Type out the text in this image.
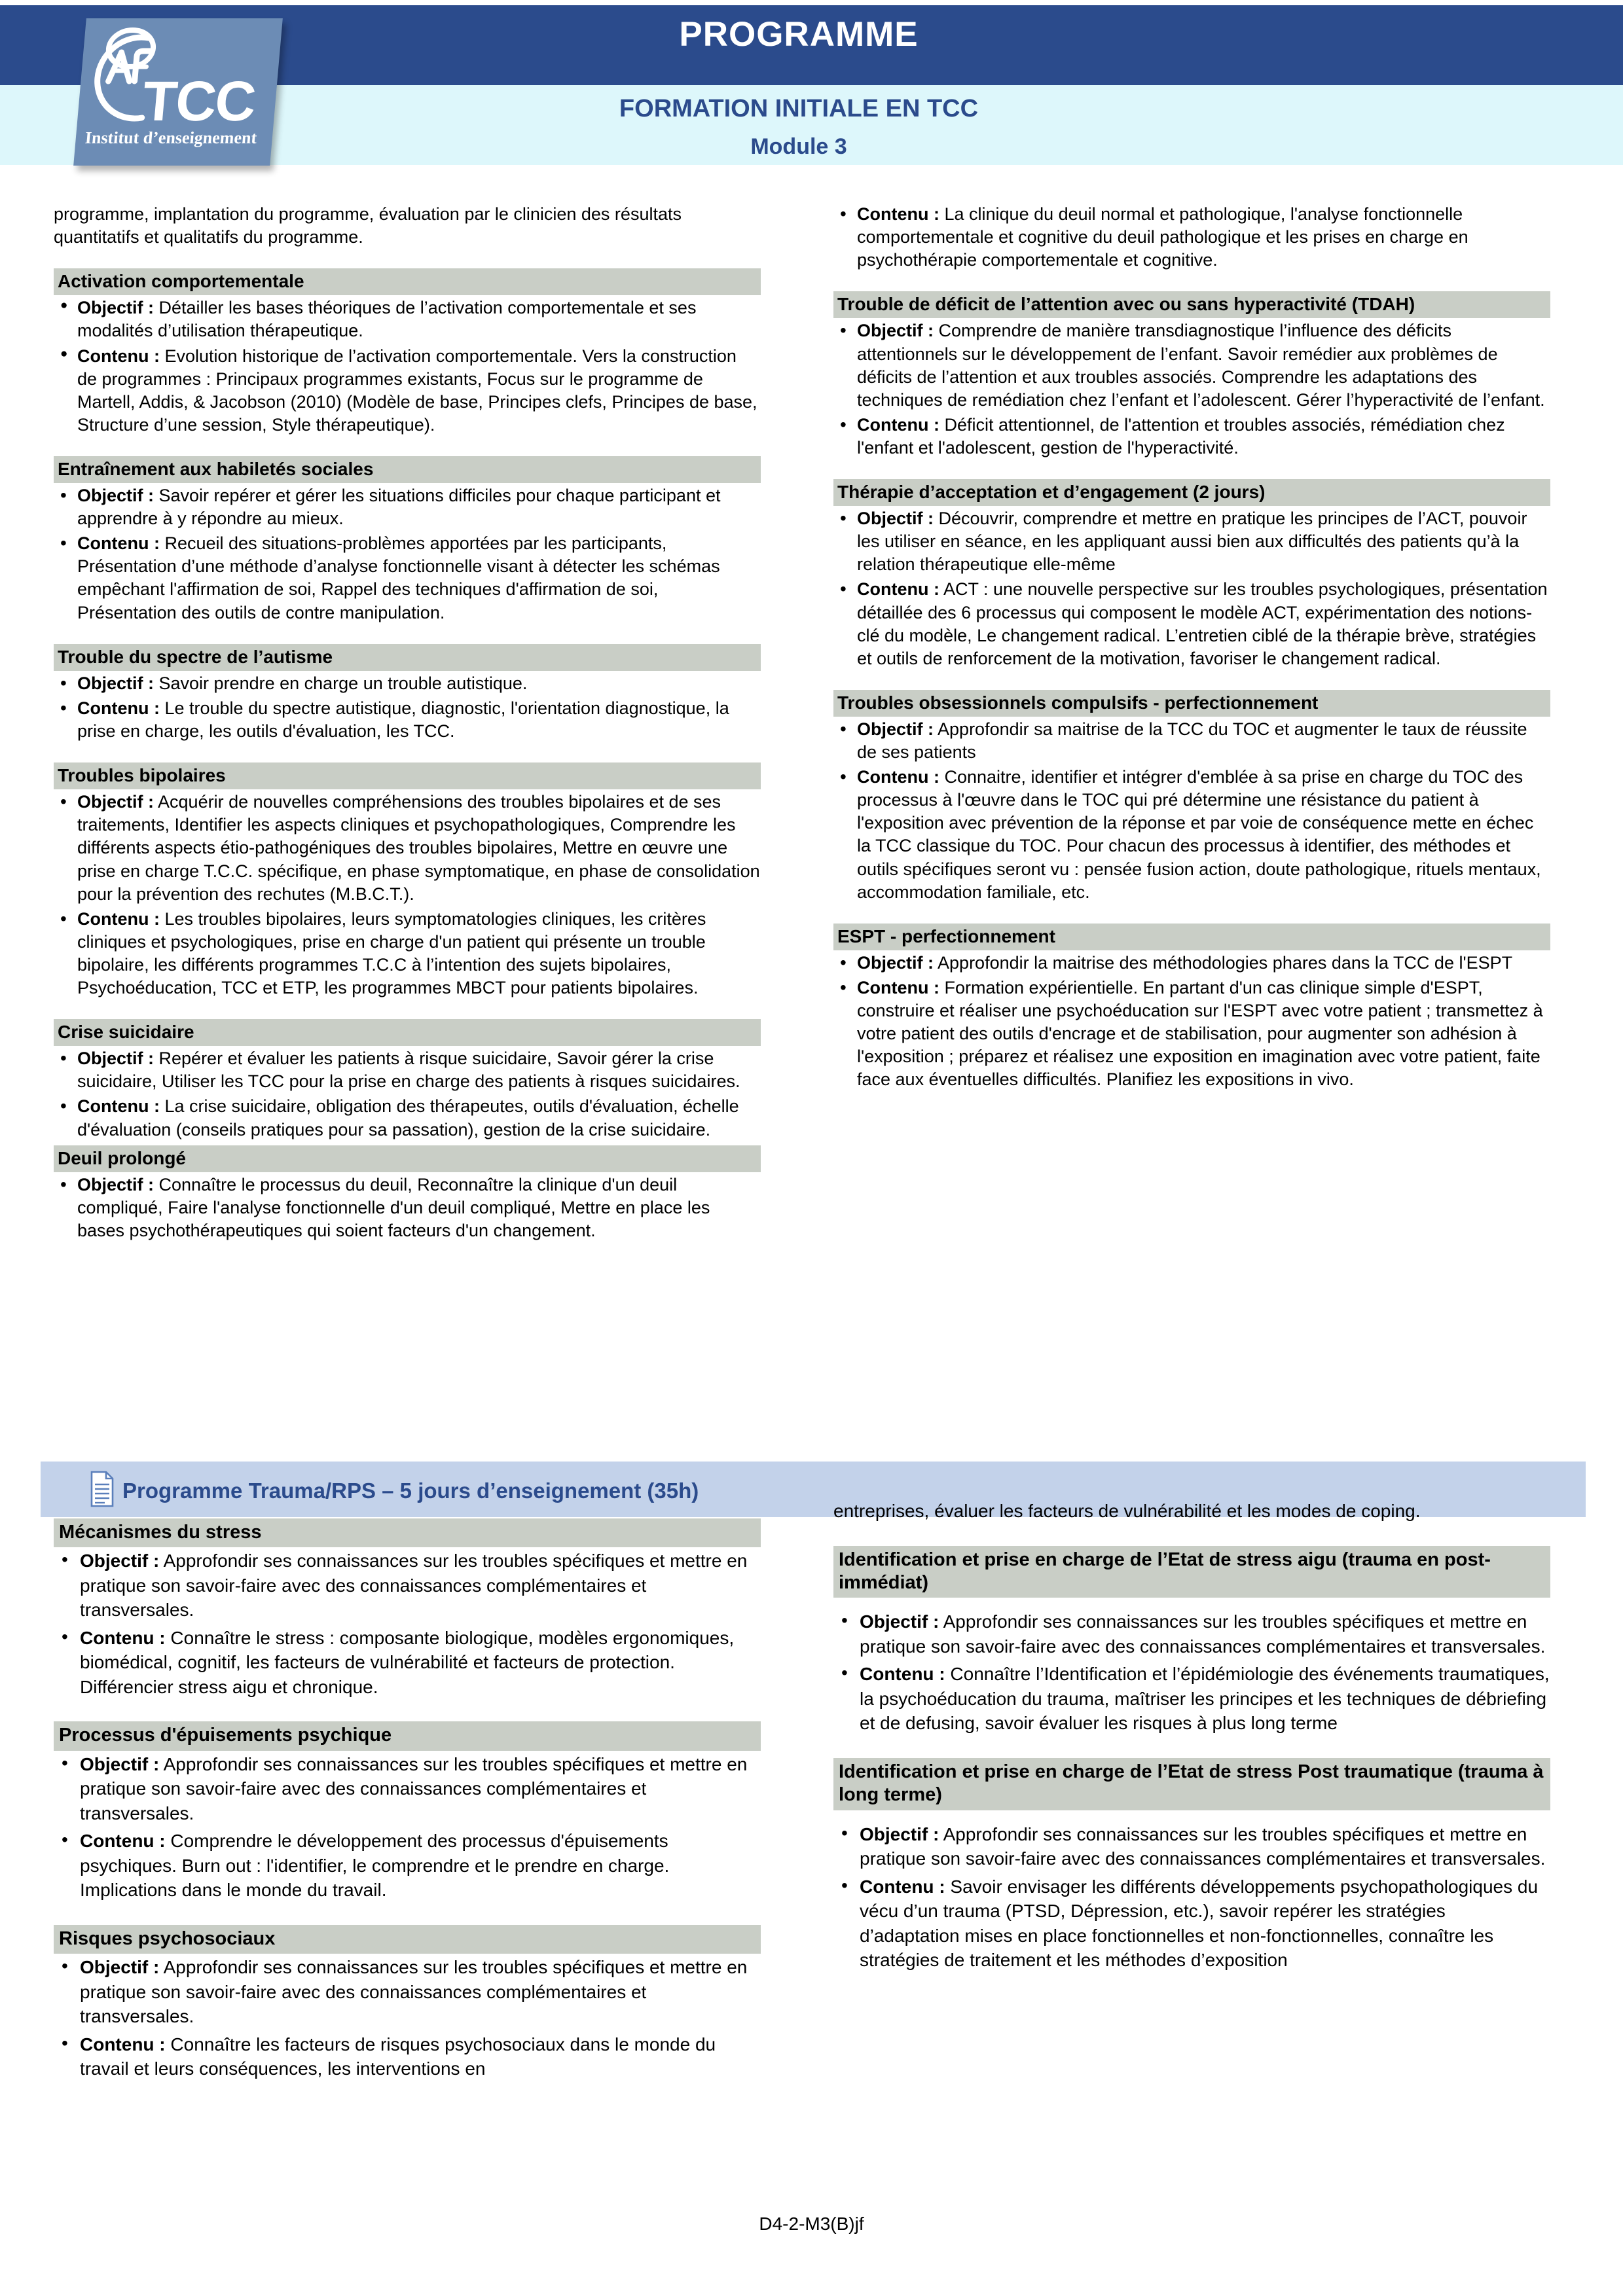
PROGRAMME
FORMATION INITIALE EN TCC
Module 3
TCC
Institut d’enseignement
programme, implantation du programme, évaluation par le clinicien des résultats quantitatifs et qualitatifs du programme.
Activation comportementale
● Objectif : Détailler les bases théoriques de l’activation comportementale et ses modalités d’utilisation thérapeutique.
● Contenu : Evolution historique de l’activation comportementale. Vers la construction de programmes : Principaux programmes existants, Focus sur le programme de Martell, Addis, & Jacobson (2010) (Modèle de base, Principes clefs, Principes de base, Structure d’une session, Style thérapeutique).
Entraînement aux habiletés sociales
• Objectif : Savoir repérer et gérer les situations difficiles pour chaque participant et apprendre à y répondre au mieux.
• Contenu : Recueil des situations-problèmes apportées par les participants, Présentation d’une méthode d’analyse fonctionnelle visant à détecter les schémas empêchant l'affirmation de soi, Rappel des techniques d'affirmation de soi, Présentation des outils de contre manipulation.
Trouble du spectre de l’autisme
• Objectif : Savoir prendre en charge un trouble autistique.
• Contenu : Le trouble du spectre autistique, diagnostic, l'orientation diagnostique, la prise en charge, les outils d'évaluation, les TCC.
Troubles bipolaires
• Objectif : Acquérir de nouvelles compréhensions des troubles bipolaires et de ses traitements, Identifier les aspects cliniques et psychopathologiques, Comprendre les différents aspects étio-pathogéniques des troubles bipolaires, Mettre en œuvre une prise en charge T.C.C. spécifique, en phase symptomatique, en phase de consolidation pour la prévention des rechutes (M.B.C.T.).
• Contenu : Les troubles bipolaires, leurs symptomatologies cliniques, les critères cliniques et psychologiques, prise en charge d'un patient qui présente un trouble bipolaire, les différents programmes T.C.C à l’intention des sujets bipolaires, Psychoéducation, TCC et ETP, les programmes MBCT pour patients bipolaires.
Crise suicidaire
• Objectif : Repérer et évaluer les patients à risque suicidaire, Savoir gérer la crise suicidaire, Utiliser les TCC pour la prise en charge des patients à risques suicidaires.
• Contenu : La crise suicidaire, obligation des thérapeutes, outils d'évaluation, échelle d'évaluation (conseils pratiques pour sa passation), gestion de la crise suicidaire.
Deuil prolongé
• Objectif : Connaître le processus du deuil, Reconnaître la clinique d'un deuil compliqué, Faire l'analyse fonctionnelle d'un deuil compliqué, Mettre en place les bases psychothérapeutiques qui soient facteurs d'un changement.
• Contenu : La clinique du deuil normal et pathologique, l'analyse fonctionnelle comportementale et cognitive du deuil pathologique et les prises en charge en psychothérapie comportementale et cognitive.
Trouble de déficit de l’attention avec ou sans hyperactivité (TDAH)
• Objectif : Comprendre de manière transdiagnostique l’influence des déficits attentionnels sur le développement de l’enfant. Savoir remédier aux problèmes de déficits de l’attention et aux troubles associés. Comprendre les adaptations des techniques de remédiation chez l’enfant et l’adolescent. Gérer l’hyperactivité de l’enfant.
• Contenu : Déficit attentionnel, de l'attention et troubles associés, rémédiation chez l'enfant et l'adolescent, gestion de l'hyperactivité.
Thérapie d’acceptation et d’engagement (2 jours)
• Objectif : Découvrir, comprendre et mettre en pratique les principes de l’ACT, pouvoir les utiliser en séance, en les appliquant aussi bien aux difficultés des patients qu’à la relation thérapeutique elle-même
• Contenu : ACT : une nouvelle perspective sur les troubles psychologiques, présentation détaillée des 6 processus qui composent le modèle ACT, expérimentation des notions-clé du modèle, Le changement radical. L’entretien ciblé de la thérapie brève, stratégies et outils de renforcement de la motivation, favoriser le changement radical.
Troubles obsessionnels compulsifs - perfectionnement
• Objectif : Approfondir sa maitrise de la TCC du TOC et augmenter le taux de réussite de ses patients
• Contenu : Connaitre, identifier et intégrer d'emblée à sa prise en charge du TOC des processus à l'œuvre dans le TOC qui pré détermine une résistance du patient à l'exposition avec prévention de la réponse et par voie de conséquence mette en échec la TCC classique du TOC. Pour chacun des processus à identifier, des méthodes et outils spécifiques seront vu : pensée fusion action, doute pathologique, rituels mentaux, accommodation familiale, etc.
ESPT - perfectionnement
• Objectif : Approfondir la maitrise des méthodologies phares dans la TCC de l'ESPT
• Contenu : Formation expérientielle. En partant d'un cas clinique simple d'ESPT, construire et réaliser une psychoéducation sur l'ESPT avec votre patient ; transmettez à votre patient des outils d'encrage et de stabilisation, pour augmenter son adhésion à l'exposition ; préparez et réalisez une exposition en imagination avec votre patient, faite face aux éventuelles difficultés. Planifiez les expositions in vivo.
Programme Trauma/RPS – 5 jours d’enseignement (35h)
Mécanismes du stress
• Objectif : Approfondir ses connaissances sur les troubles spécifiques et mettre en pratique son savoir-faire avec des connaissances complémentaires et transversales.
• Contenu : Connaître le stress : composante biologique, modèles ergonomiques, biomédical, cognitif, les facteurs de vulnérabilité et facteurs de protection. Différencier stress aigu et chronique.
Processus d'épuisements psychique
• Objectif : Approfondir ses connaissances sur les troubles spécifiques et mettre en pratique son savoir-faire avec des connaissances complémentaires et transversales.
• Contenu : Comprendre le développement des processus d'épuisements psychiques. Burn out : l'identifier, le comprendre et le prendre en charge. Implications dans le monde du travail.
Risques psychosociaux
• Objectif : Approfondir ses connaissances sur les troubles spécifiques et mettre en pratique son savoir-faire avec des connaissances complémentaires et transversales.
• Contenu : Connaître les facteurs de risques psychosociaux dans le monde du travail et leurs conséquences, les interventions en
entreprises, évaluer les facteurs de vulnérabilité et les modes de coping.
Identification et prise en charge de l’Etat de stress aigu (trauma en post-immédiat)
• Objectif : Approfondir ses connaissances sur les troubles spécifiques et mettre en pratique son savoir-faire avec des connaissances complémentaires et transversales.
• Contenu : Connaître l’Identification et l’épidémiologie des événements traumatiques, la psychoéducation du trauma, maîtriser les principes et les techniques de débriefing et de defusing, savoir évaluer les risques à plus long terme
Identification et prise en charge de l’Etat de stress Post traumatique (trauma à long terme)
• Objectif : Approfondir ses connaissances sur les troubles spécifiques et mettre en pratique son savoir-faire avec des connaissances complémentaires et transversales.
• Contenu : Savoir envisager les différents développements psychopathologiques du vécu d’un trauma (PTSD, Dépression, etc.), savoir repérer les stratégies d’adaptation mises en place fonctionnelles et non-fonctionnelles, connaître les stratégies de traitement et les méthodes d’exposition
D4-2-M3(B)jf
